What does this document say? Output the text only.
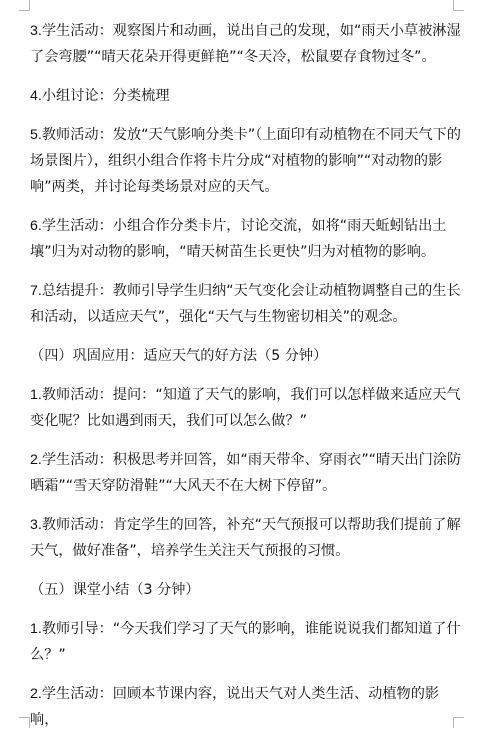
3.学生活动：观察图片和动画，说出自己的发现，如“雨天小草被淋湿了会弯腰”“晴天花朵开得更鲜艳”“冬天冷，松鼠要存食物过冬”。

4.小组讨论：分类梳理

5.教师活动：发放“天气影响分类卡”（上面印有动植物在不同天气下的场景图片），组织小组合作将卡片分成“对植物的影响”“对动物的影响”两类，并讨论每类场景对应的天气。

6.学生活动：小组合作分类卡片，讨论交流，如将“雨天蚯蚓钻出土壤”归为对动物的影响，“晴天树苗生长更快”归为对植物的影响。

7.总结提升：教师引导学生归纳“天气变化会让动植物调整自己的生长和活动，以适应天气”，强化“天气与生物密切相关”的观念。

（四）巩固应用：适应天气的好方法（5 分钟）

1.教师活动：提问：“知道了天气的影响，我们可以怎样做来适应天气变化呢？比如遇到雨天，我们可以怎么做？”

2.学生活动：积极思考并回答，如“雨天带伞、穿雨衣”“晴天出门涂防晒霜”“雪天穿防滑鞋”“大风天不在大树下停留”。

3.教师活动：肯定学生的回答，补充“天气预报可以帮助我们提前了解天气，做好准备”，培养学生关注天气预报的习惯。

（五）课堂小结（3 分钟）

1.教师引导：“今天我们学习了天气的影响，谁能说说我们都知道了什么？”

2.学生活动：回顾本节课内容，说出天气对人类生活、动植物的影响，
